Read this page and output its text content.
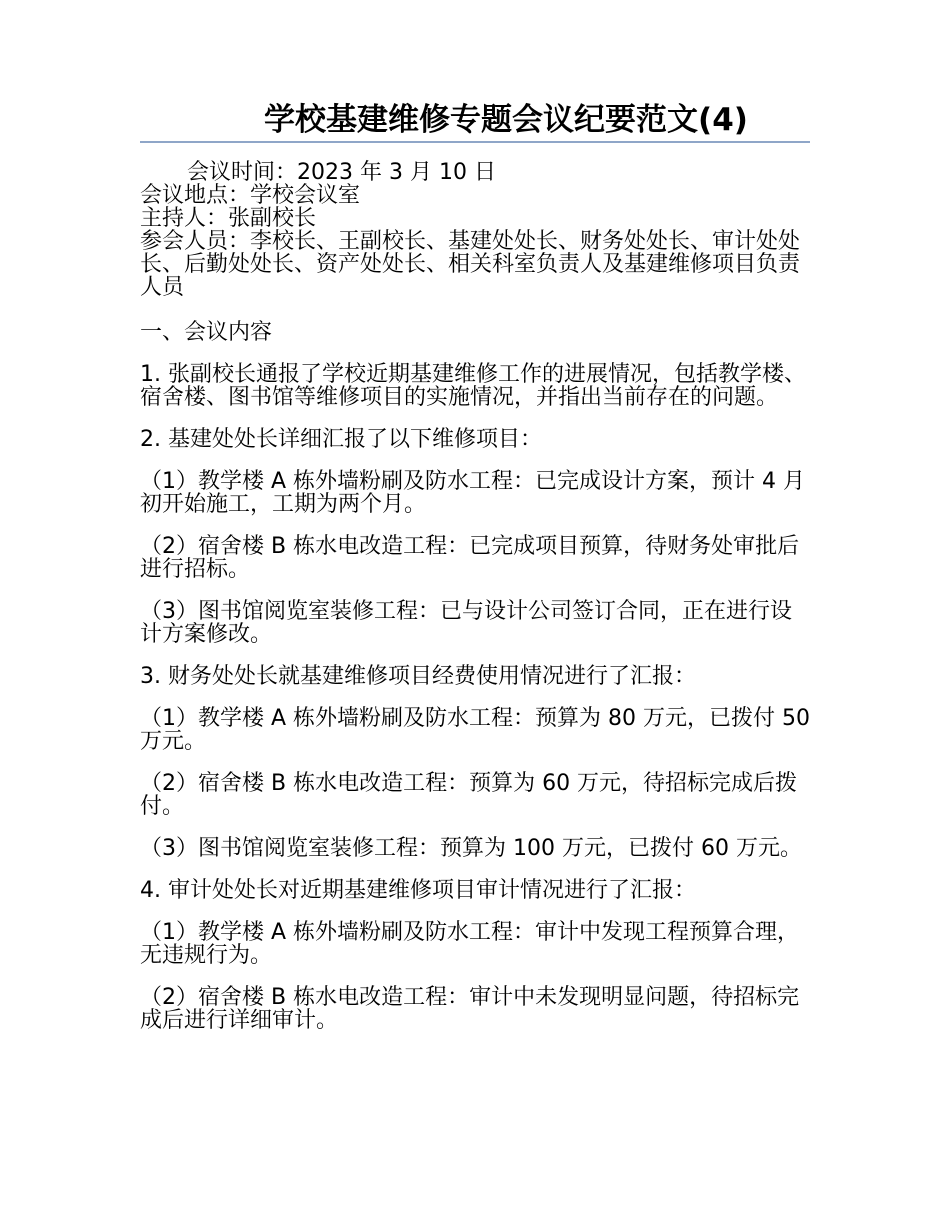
学校基建维修专题会议纪要范文(4)
会议时间：2023 年 3 月 10 日
会议地点：学校会议室
主持人：张副校长
参会人员：李校长、王副校长、基建处处长、财务处处长、审计处处长、后勤处处长、资产处处长、相关科室负责人及基建维修项目负责人员

一、会议内容

1. 张副校长通报了学校近期基建维修工作的进展情况，包括教学楼、宿舍楼、图书馆等维修项目的实施情况，并指出当前存在的问题。

2. 基建处处长详细汇报了以下维修项目：

（1）教学楼 A 栋外墙粉刷及防水工程：已完成设计方案，预计 4 月初开始施工，工期为两个月。

（2）宿舍楼 B 栋水电改造工程：已完成项目预算，待财务处审批后进行招标。

（3）图书馆阅览室装修工程：已与设计公司签订合同，正在进行设计方案修改。

3. 财务处处长就基建维修项目经费使用情况进行了汇报：

（1）教学楼 A 栋外墙粉刷及防水工程：预算为 80 万元，已拨付 50 万元。

（2）宿舍楼 B 栋水电改造工程：预算为 60 万元，待招标完成后拨付。

（3）图书馆阅览室装修工程：预算为 100 万元，已拨付 60 万元。

4. 审计处处长对近期基建维修项目审计情况进行了汇报：

（1）教学楼 A 栋外墙粉刷及防水工程：审计中发现工程预算合理，无违规行为。

（2）宿舍楼 B 栋水电改造工程：审计中未发现明显问题，待招标完成后进行详细审计。
